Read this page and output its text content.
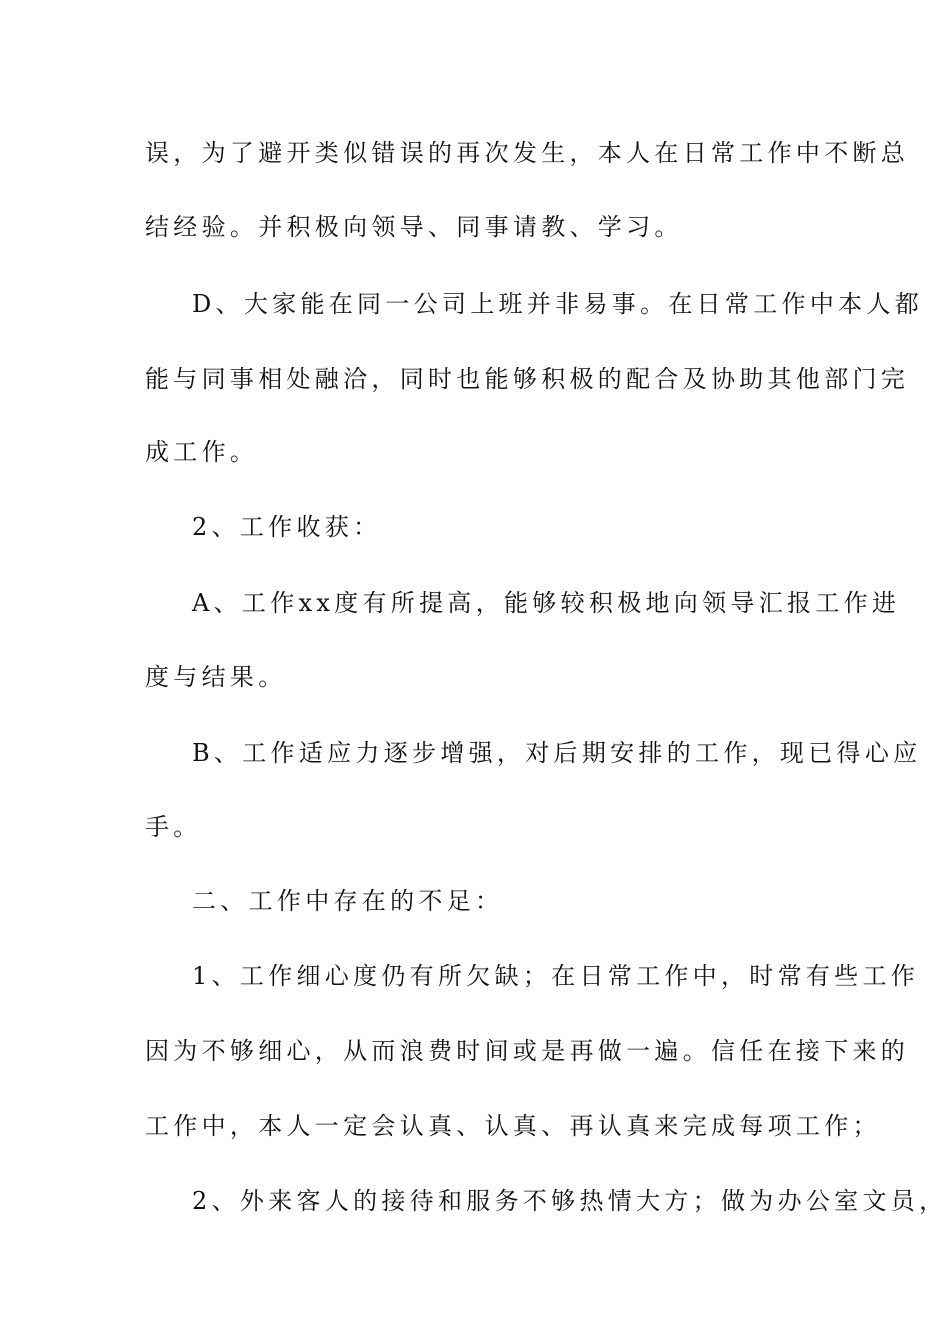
误，为了避开类似错误的再次发生，本人在日常工作中不断总
结经验。并积极向领导、同事请教、学习。
D、大家能在同一公司上班并非易事。在日常工作中本人都
能与同事相处融洽，同时也能够积极的配合及协助其他部门完
成工作。
2、工作收获：
A、工作xx度有所提高，能够较积极地向领导汇报工作进
度与结果。
B、工作适应力逐步增强，对后期安排的工作，现已得心应
手。
二、工作中存在的不足：
1、工作细心度仍有所欠缺；在日常工作中，时常有些工作
因为不够细心，从而浪费时间或是再做一遍。信任在接下来的
工作中，本人一定会认真、认真、再认真来完成每项工作；
2、外来客人的接待和服务不够热情大方；做为办公室文员，
